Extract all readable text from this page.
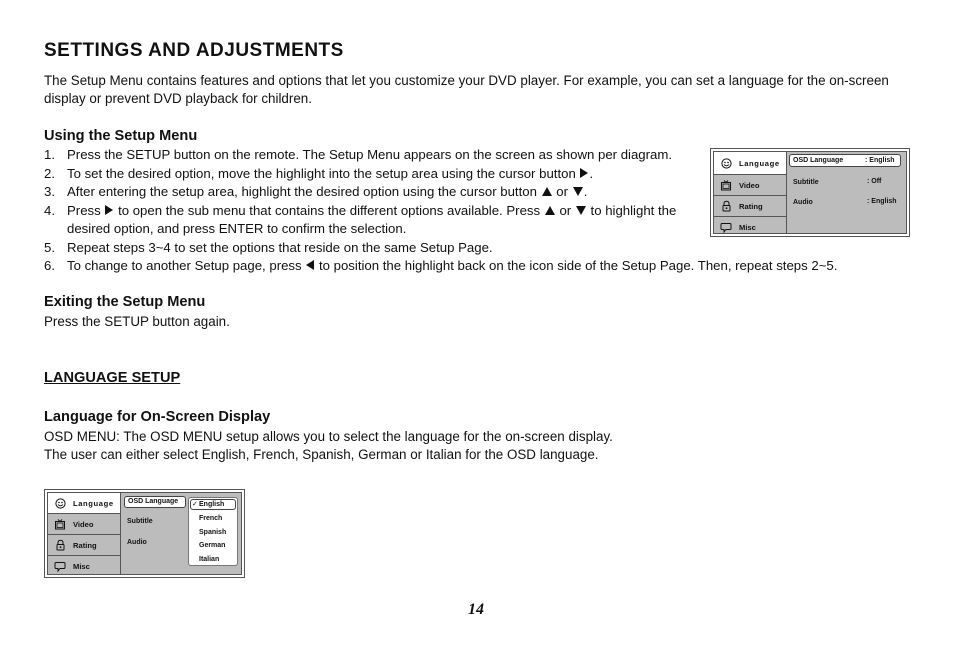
SETTINGS AND ADJUSTMENTS
The Setup Menu contains features and options that let you customize your DVD player. For example, you can set a language for the on-screen display or prevent DVD playback for children.
Using the Setup Menu
1. Press the SETUP button on the remote. The Setup Menu appears on the screen as shown per diagram.
2. To set the desired option, move the highlight into the setup area using the cursor button .
3. After entering the setup area, highlight the desired option using the cursor button or .
4. Press to open the sub menu that contains the different options available. Press or to highlight the desired option, and press ENTER to confirm the selection.
5. Repeat steps 3~4 to set the options that reside on the same Setup Page.
6. To change to another Setup page, press to position the highlight back on the icon side of the Setup Page. Then, repeat steps 2~5.
Exiting the Setup Menu
Press the SETUP button again.
LANGUAGE SETUP
Language for On-Screen Display
OSD MENU: The OSD MENU setup allows you to select the language for the on-screen display.
The user can either select English, French, Spanish, German or Italian for the OSD language.
Language
Video
Rating
Misc
OSD Language	: English
Subtitle	: Off
Audio	: English
Language
Video
Rating
Misc
OSD Language
Subtitle
Audio
✓ English
French
Spanish
German
Italian
14
